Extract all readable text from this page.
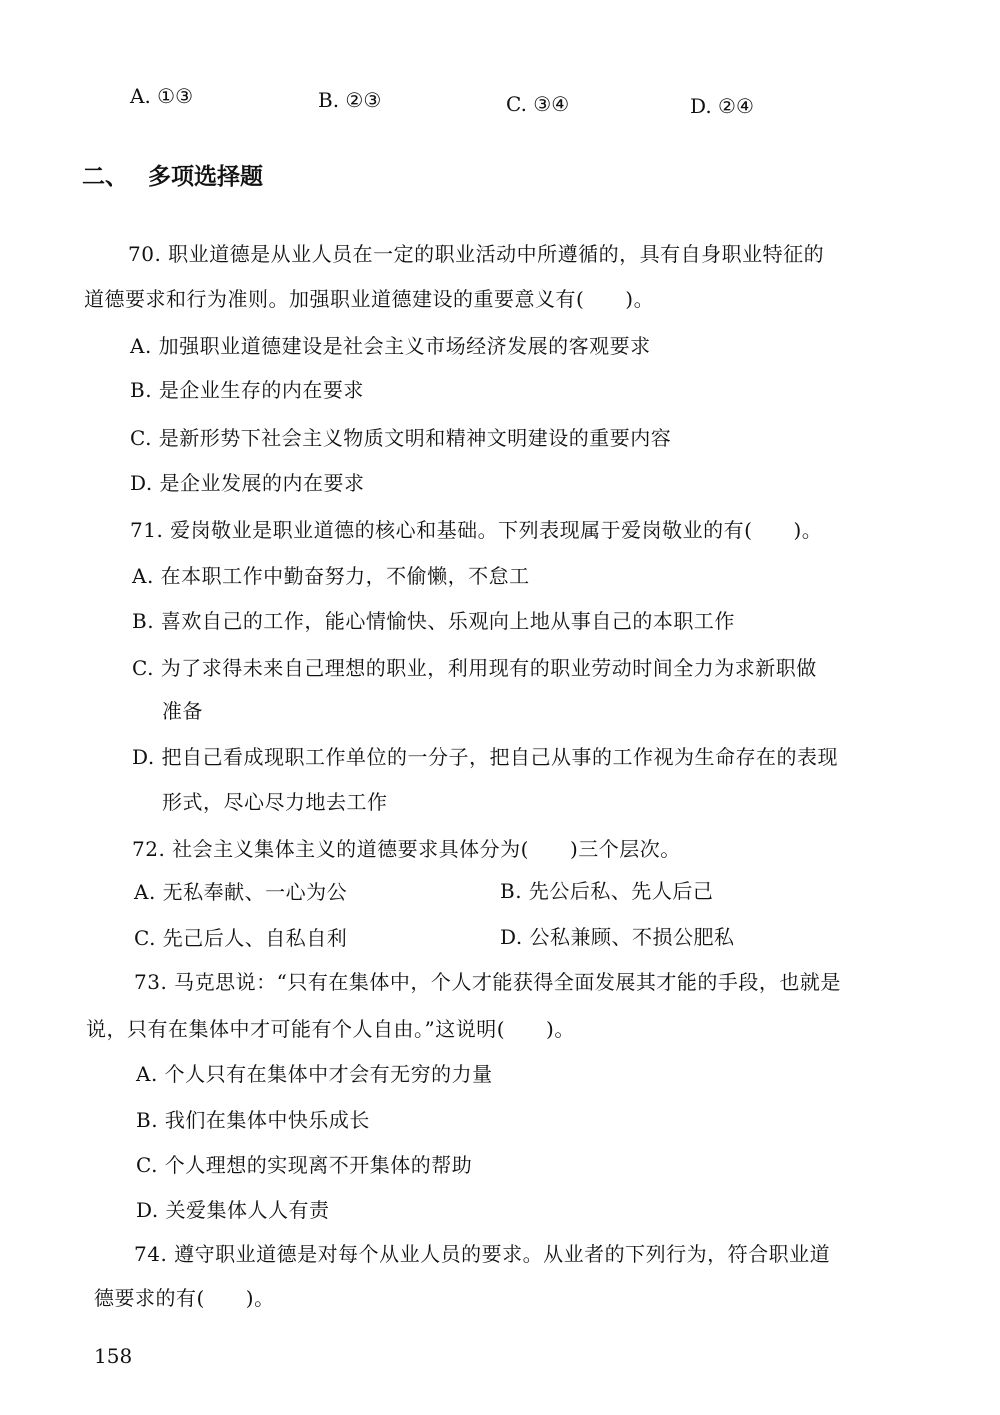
A. ①③	B. ②③	C. ③④	D. ②④
二、 多项选择题
70. 职业道德是从业人员在一定的职业活动中所遵循的，具有自身职业特征的
道德要求和行为准则。加强职业道德建设的重要意义有(　　)。
A. 加强职业道德建设是社会主义市场经济发展的客观要求
B. 是企业生存的内在要求
C. 是新形势下社会主义物质文明和精神文明建设的重要内容
D. 是企业发展的内在要求
71. 爱岗敬业是职业道德的核心和基础。下列表现属于爱岗敬业的有(　　)。
A. 在本职工作中勤奋努力，不偷懒，不怠工
B. 喜欢自己的工作，能心情愉快、乐观向上地从事自己的本职工作
C. 为了求得未来自己理想的职业，利用现有的职业劳动时间全力为求新职做
准备
D. 把自己看成现职工作单位的一分子，把自己从事的工作视为生命存在的表现
形式，尽心尽力地去工作
72. 社会主义集体主义的道德要求具体分为(　　)三个层次。
A. 无私奉献、一心为公	B. 先公后私、先人后己
C. 先己后人、自私自利	D. 公私兼顾、不损公肥私
73. 马克思说：“只有在集体中，个人才能获得全面发展其才能的手段，也就是
说，只有在集体中才可能有个人自由。”这说明(　　)。
A. 个人只有在集体中才会有无穷的力量
B. 我们在集体中快乐成长
C. 个人理想的实现离不开集体的帮助
D. 关爱集体人人有责
74. 遵守职业道德是对每个从业人员的要求。从业者的下列行为，符合职业道
德要求的有(　　)。
158
